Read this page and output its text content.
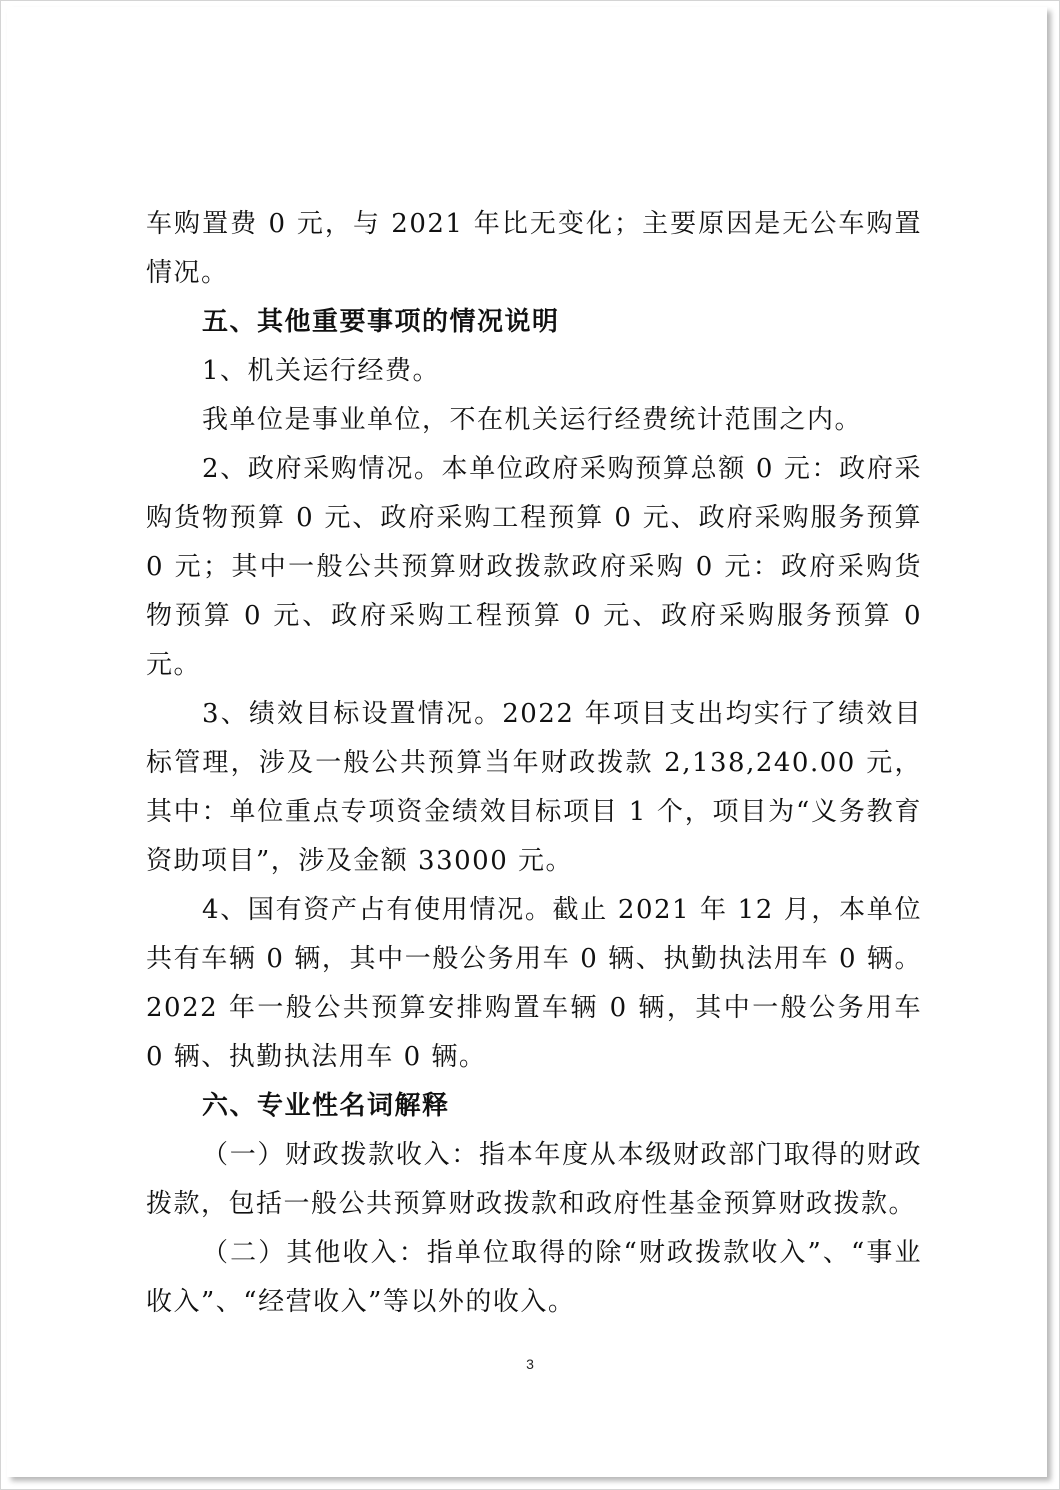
车购置费 0 元，与 2021 年比无变化；主要原因是无公车购置情况。

五、其他重要事项的情况说明

1、机关运行经费。

我单位是事业单位，不在机关运行经费统计范围之内。

2、政府采购情况。本单位政府采购预算总额 0 元：政府采购货物预算 0 元、政府采购工程预算 0 元、政府采购服务预算 0 元；其中一般公共预算财政拨款政府采购 0 元：政府采购货物预算 0 元、政府采购工程预算 0 元、政府采购服务预算 0 元。

3、绩效目标设置情况。2022 年项目支出均实行了绩效目标管理，涉及一般公共预算当年财政拨款 2,138,240.00 元，其中：单位重点专项资金绩效目标项目 1 个，项目为“义务教育资助项目”，涉及金额 33000 元。

4、国有资产占有使用情况。截止 2021 年 12 月，本单位共有车辆 0 辆，其中一般公务用车 0 辆、执勤执法用车 0 辆。2022 年一般公共预算安排购置车辆 0 辆，其中一般公务用车 0 辆、执勤执法用车 0 辆。

六、专业性名词解释

（一）财政拨款收入：指本年度从本级财政部门取得的财政拨款，包括一般公共预算财政拨款和政府性基金预算财政拨款。

（二）其他收入：指单位取得的除“财政拨款收入”、“事业收入”、“经营收入”等以外的收入。

3
